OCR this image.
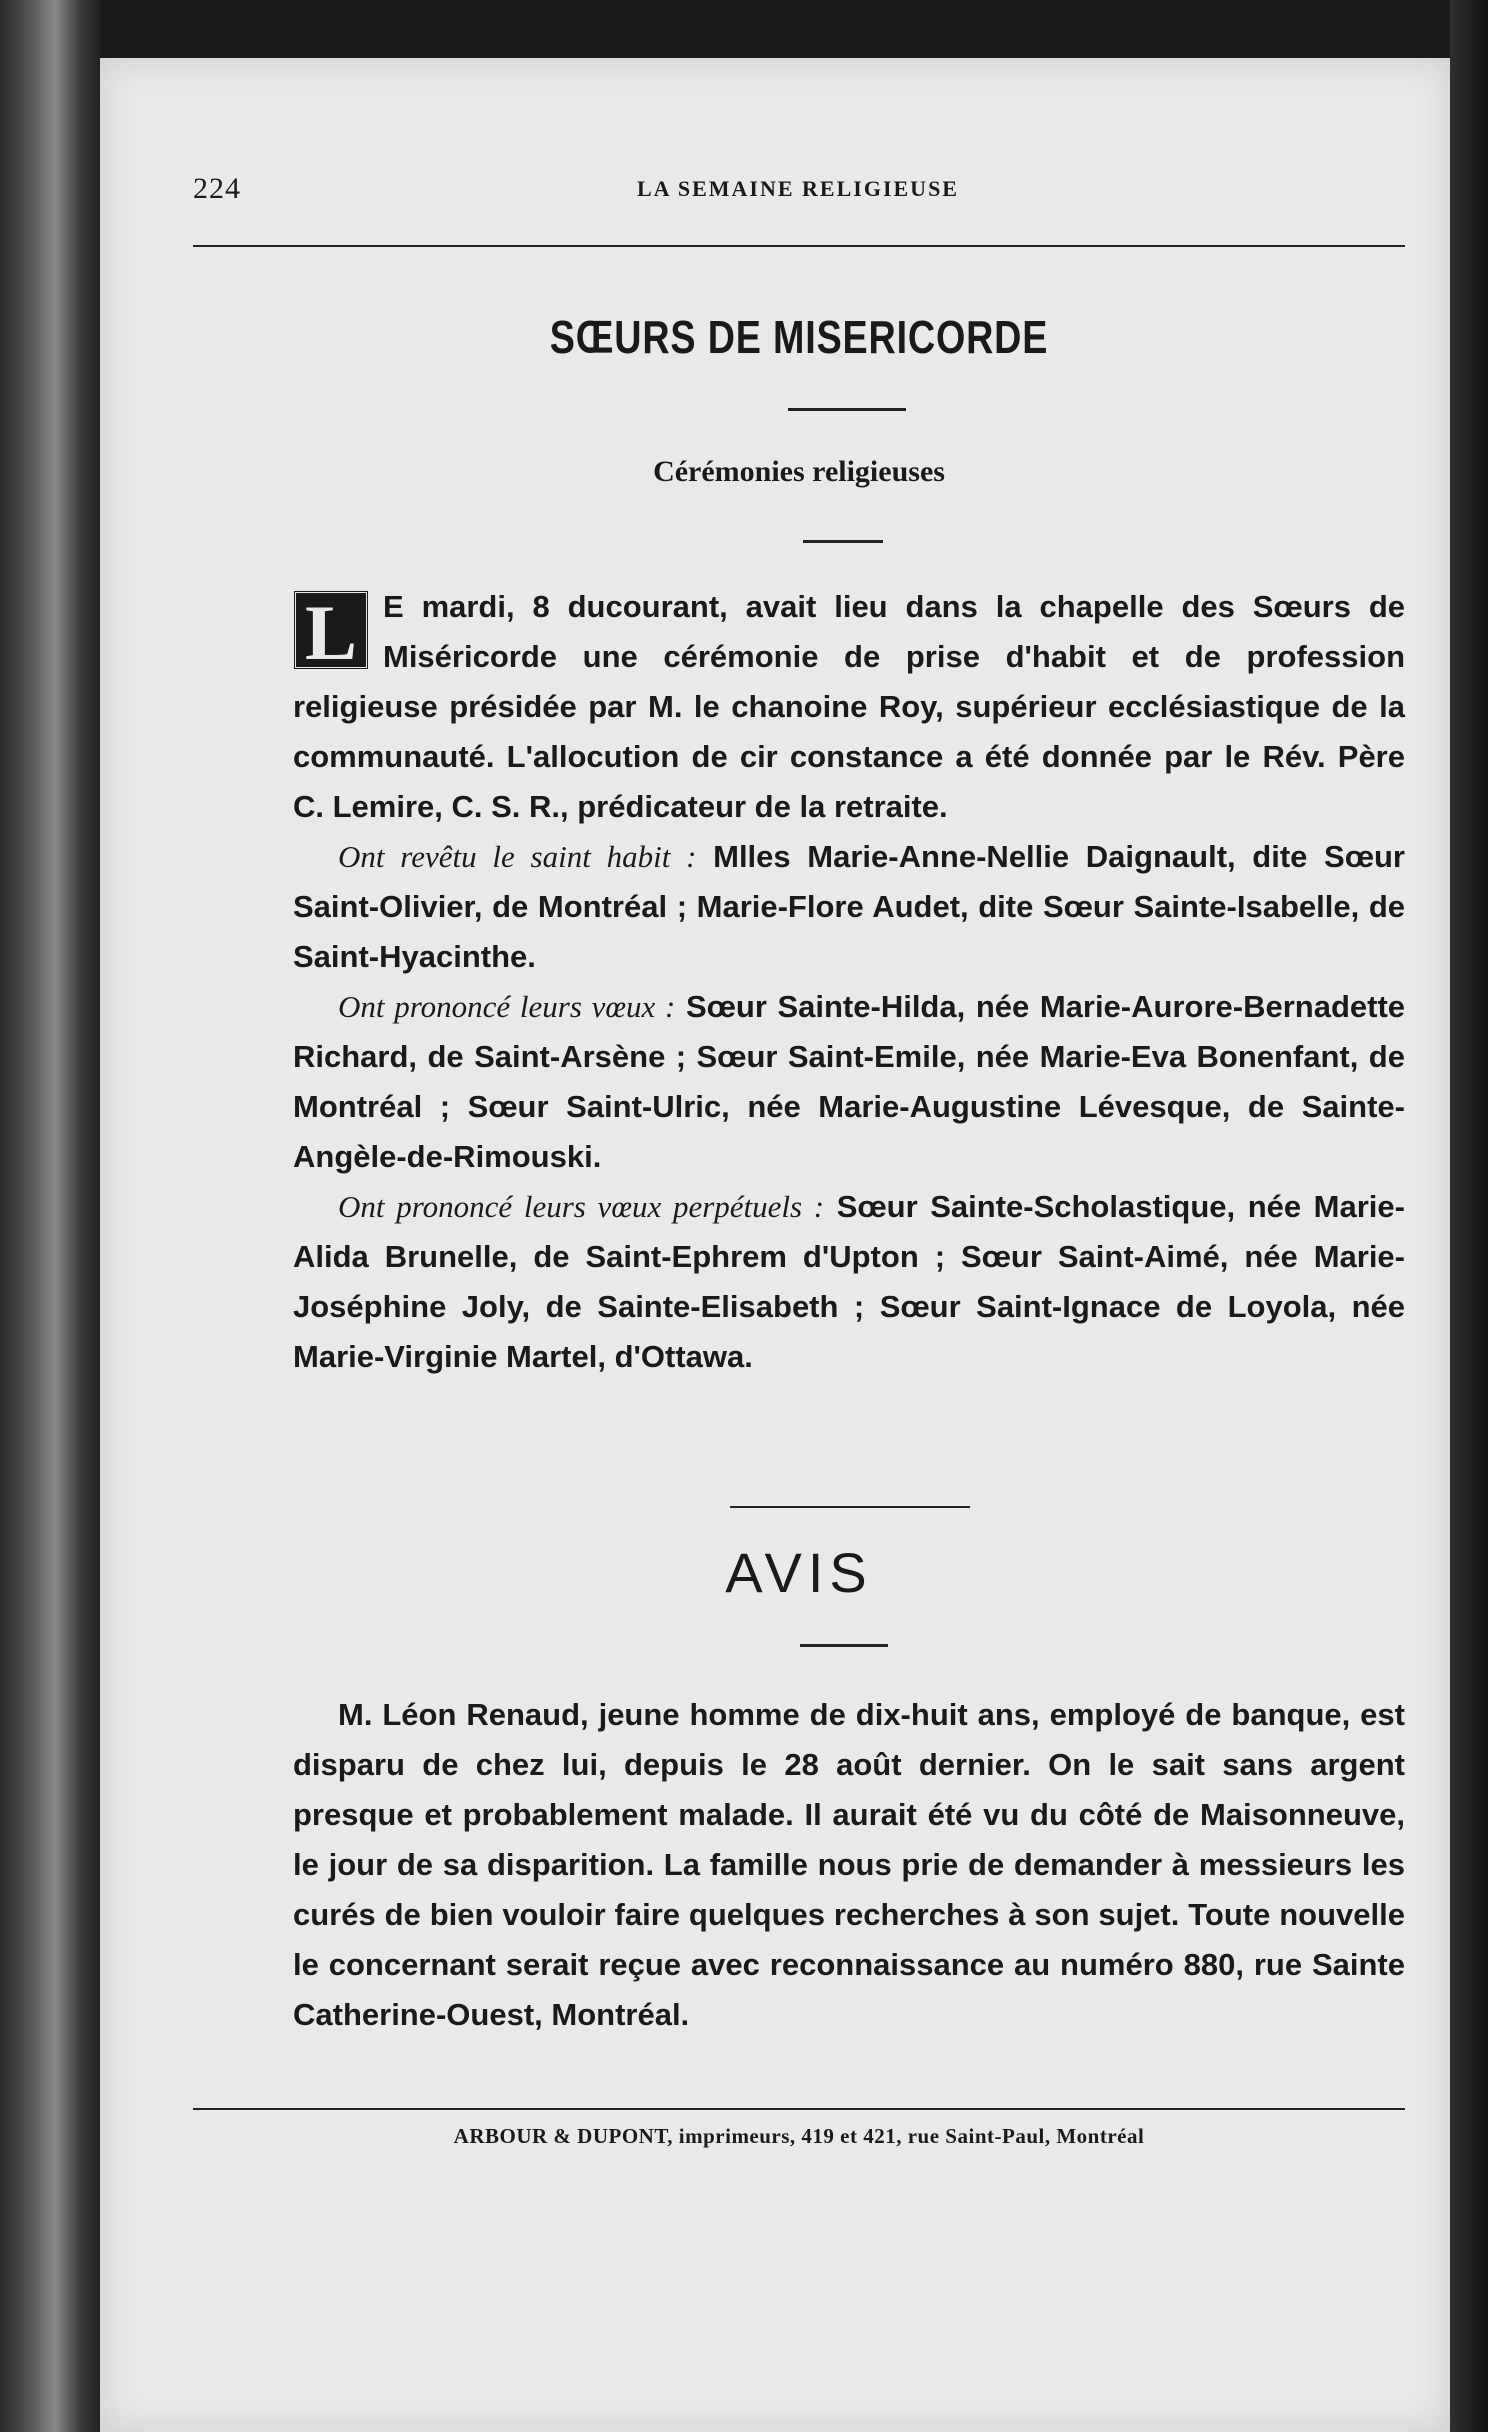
224	LA SEMAINE RELIGIEUSE
SŒURS DE MISERICORDE
Cérémonies religieuses

L E mardi, 8 ducourant, avait lieu dans la chapelle des Sœurs de Miséricorde une cérémonie de prise d'habit et de profession religieuse présidée par M. le chanoine Roy, supérieur ecclésiastique de la communauté. L'allocution de cir constance a été donnée par le Rév. Père C. Lemire, C. S. R., prédicateur de la retraite.

Ont revêtu le saint habit : Mlles Marie-Anne-Nellie Daignault, dite Sœur Saint-Olivier, de Montréal ; Marie-Flore Audet, dite Sœur Sainte-Isabelle, de Saint-Hyacinthe.

Ont prononcé leurs vœux : Sœur Sainte-Hilda, née Marie-Aurore-Bernadette Richard, de Saint-Arsène ; Sœur Saint-Emile, née Marie-Eva Bonenfant, de Montréal ; Sœur Saint-Ulric, née Marie-Augustine Lévesque, de Sainte-Angèle-de-Rimouski.

Ont prononcé leurs vœux perpétuels : Sœur Sainte-Scholastique, née Marie-Alida Brunelle, de Saint-Ephrem d'Upton ; Sœur Saint-Aimé, née Marie-Joséphine Joly, de Sainte-Elisabeth ; Sœur Saint-Ignace de Loyola, née Marie-Virginie Martel, d'Ottawa.

AVIS

M. Léon Renaud, jeune homme de dix-huit ans, employé de banque, est disparu de chez lui, depuis le 28 août dernier. On le sait sans argent presque et probablement malade. Il aurait été vu du côté de Maisonneuve, le jour de sa disparition. La famille nous prie de demander à messieurs les curés de bien vouloir faire quelques recherches à son sujet. Toute nouvelle le concernant serait reçue avec reconnaissance au numéro 880, rue Sainte Catherine-Ouest, Montréal.

ARBOUR & DUPONT, imprimeurs, 419 et 421, rue Saint-Paul, Montréal
